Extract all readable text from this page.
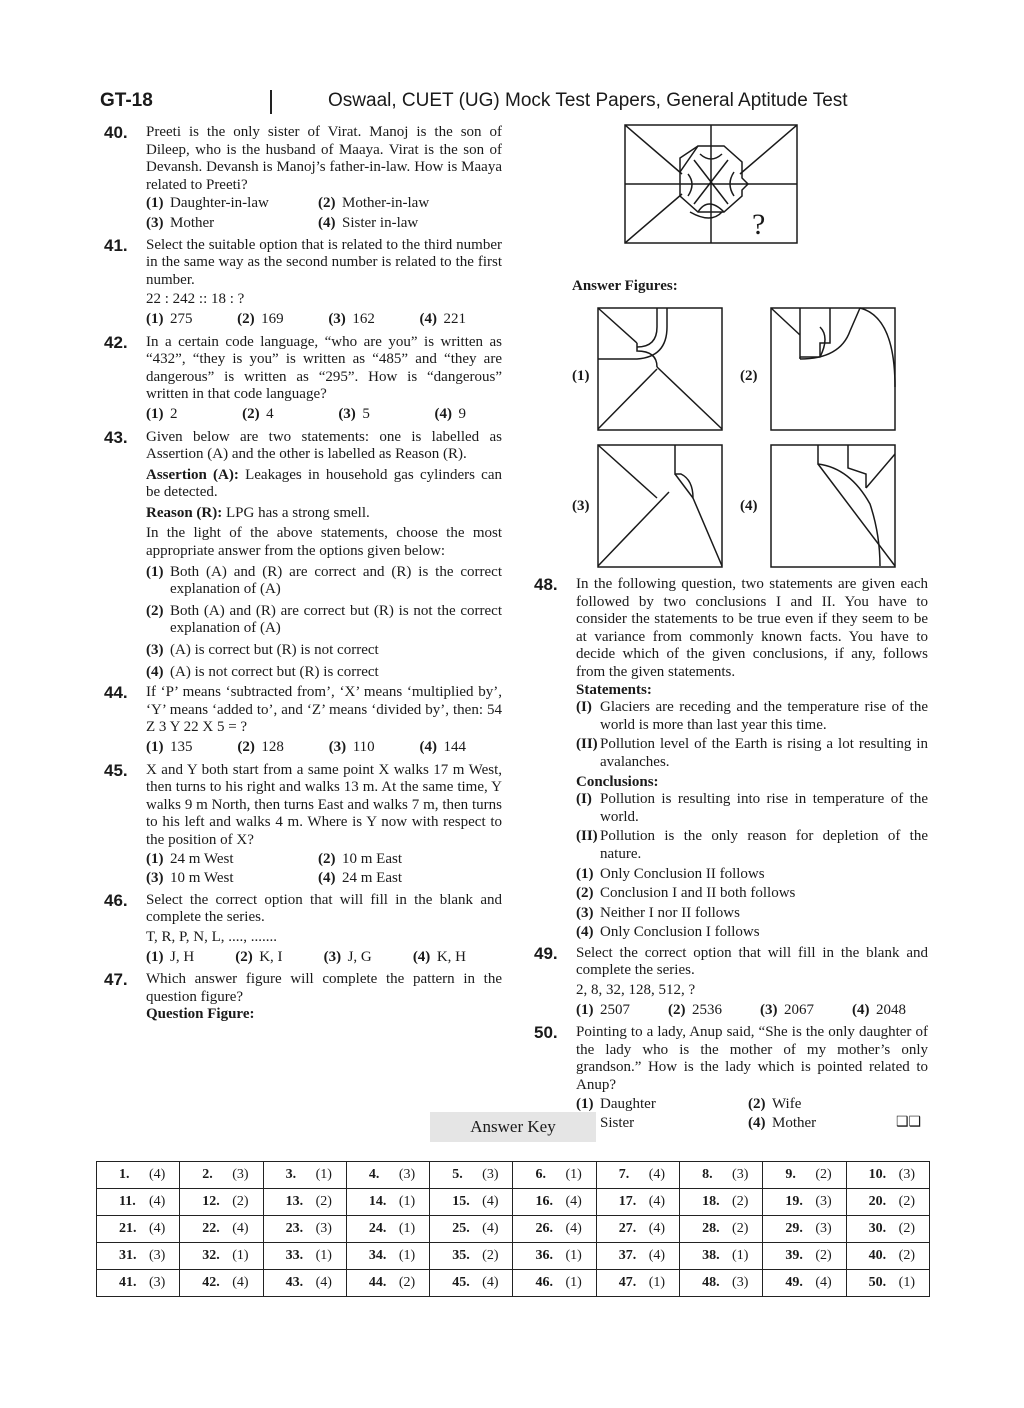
GT-18	Oswaal, CUET (UG) Mock Test Papers, General Aptitude Test
40. Preeti is the only sister of Virat. Manoj is the son of Dileep, who is the husband of Maaya. Virat is the son of Devansh. Devansh is Manoj’s father-in-law. How is Maaya related to Preeti?

(1) Daughter-in-law	(2) Mother-in-law
(3) Mother	(4) Sister in-law
41. Select the suitable option that is related to the third number in the same way as the second number is related to the first number.

22 : 242 :: 18 : ?
(1) 275	(2) 169	(3) 162	(4) 221
42. In a certain code language, “who are you” is written as “432”, “they is you” is written as “485” and “they are dangerous” is written as “295”. How is “dangerous” written in that code language?

(1) 2	(2) 4	(3) 5	(4) 9
43. Given below are two statements: one is labelled as Assertion (A) and the other is labelled as Reason (R).

Assertion (A): Leakages in household gas cylinders can be detected.

Reason (R): LPG has a strong smell.

In the light of the above statements, choose the most appropriate answer from the options given below:

(1) Both (A) and (R) are correct and (R) is the correct explanation of (A)
(2) Both (A) and (R) are correct but (R) is not the correct explanation of (A)
(3) (A) is correct but (R) is not correct
(4) (A) is not correct but (R) is correct
44. If ‘P’ means ‘subtracted from’, ‘X’ means ‘multiplied by’, ‘Y’ means ‘added to’, and ‘Z’ means ‘divided by’, then: 54 Z 3 Y 22 X 5 = ?

(1) 135	(2) 128	(3) 110	(4) 144
45. X and Y both start from a same point X walks 17 m West, then turns to his right and walks 13 m. At the same time, Y walks 9 m North, then turns East and walks 7 m, then turns to his left and walks 4 m. Where is Y now with respect to the position of X?

(1) 24 m West	(2) 10 m East
(3) 10 m West	(4) 24 m East
46. Select the correct option that will fill in the blank and complete the series.

T, R, P, N, L, ...., .......
(1) J, H	(2) K, I	(3) J, G	(4) K, H
47. Which answer figure will complete the pattern in the question figure?

Question Figure:
?
Answer Figures:
(1)	(2)
(3)	(4)
48. In the following question, two statements are given each followed by two conclusions I and II. You have to consider the statements to be true even if they seem to be at variance from commonly known facts. You have to decide which of the given conclusions, if any, follows from the given statements.

Statements:
(I) Glaciers are receding and the temperature rise of the world is more than last year this time.
(II) Pollution level of the Earth is rising a lot resulting in avalanches.
Conclusions:
(I) Pollution is resulting into rise in temperature of the world.
(II) Pollution is the only reason for depletion of the nature.
(1) Only Conclusion II follows
(2) Conclusion I and II both follows
(3) Neither I nor II follows
(4) Only Conclusion I follows
49. Select the correct option that will fill in the blank and complete the series.

2, 8, 32, 128, 512, ?
(1) 2507	(2) 2536	(3) 2067	(4) 2048
50. Pointing to a lady, Anup said, “She is the only daughter of the lady who is the mother of my mother’s only grandson.” How is the lady which is pointed related to Anup?

(1) Daughter	(2) Wife
Sister	(4) Mother
Answer Key	❑❑
1. (4)	2. (3)	3. (1)	4. (3)	5. (3)	6. (1)	7. (4)	8. (3)	9. (2)	10. (3)

11. (4)	12. (2)	13. (2)	14. (1)	15. (4)	16. (4)	17. (4)	18. (2)	19. (3)	20. (2)

21. (4)	22. (4)	23. (3)	24. (1)	25. (4)	26. (4)	27. (4)	28. (2)	29. (3)	30. (2)

31. (3)	32. (1)	33. (1)	34. (1)	35. (2)	36. (1)	37. (4)	38. (1)	39. (2)	40. (2)

41. (3)	42. (4)	43. (4)	44. (2)	45. (4)	46. (1)	47. (1)	48. (3)	49. (4)	50. (1)
